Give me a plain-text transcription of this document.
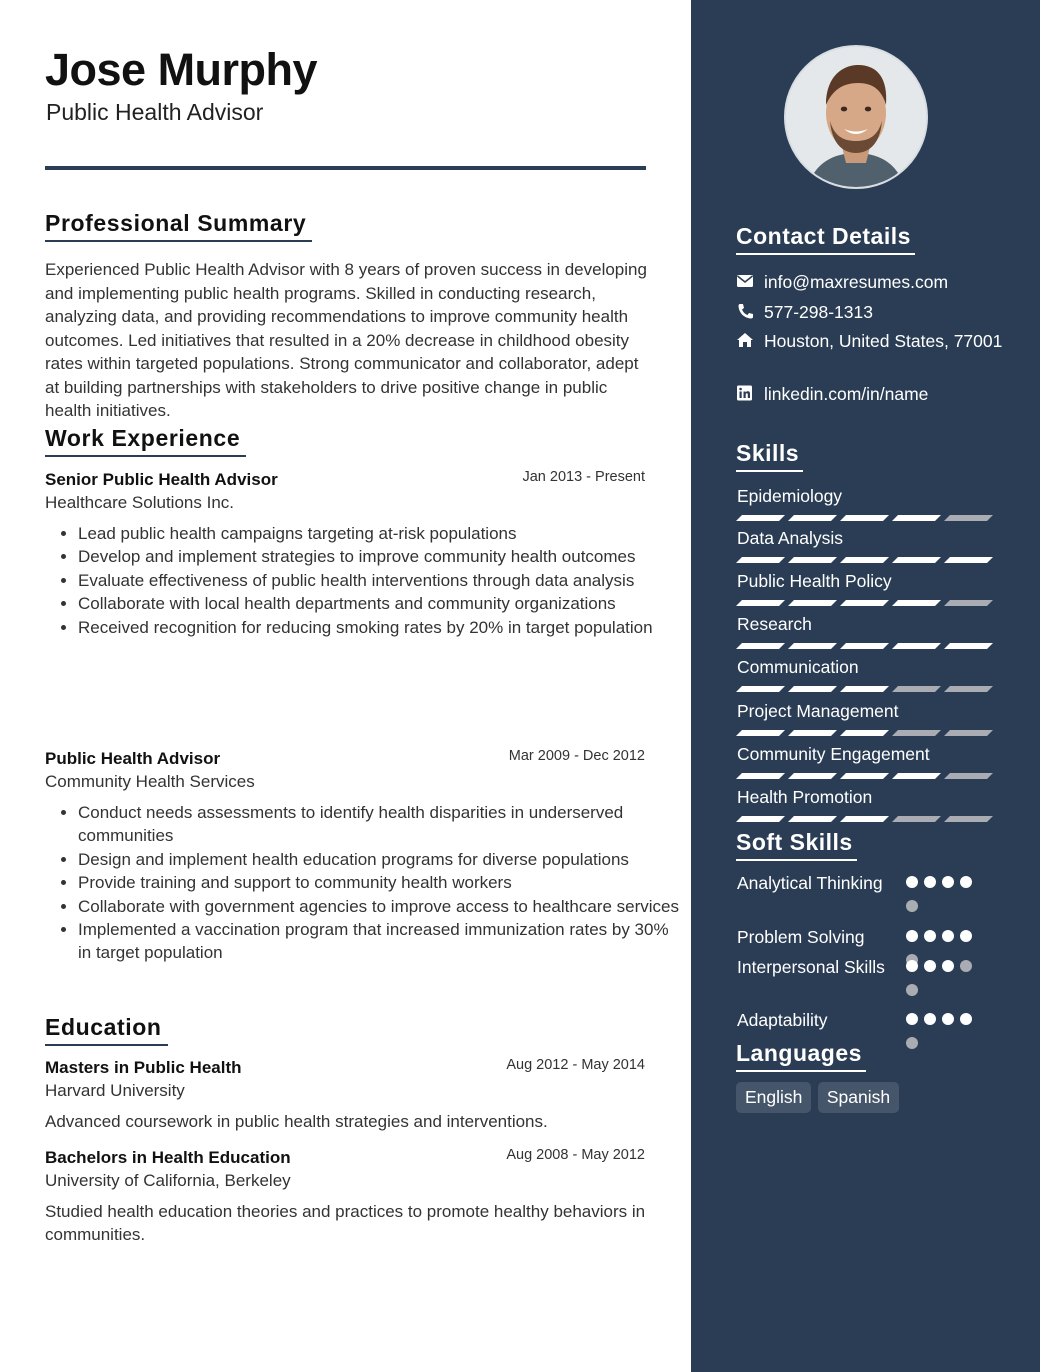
Jose Murphy
Public Health Advisor
Professional Summary

Experienced Public Health Advisor with 8 years of proven success in developing and implementing public health programs. Skilled in conducting research, analyzing data, and providing recommendations to improve community health outcomes. Led initiatives that resulted in a 20% decrease in childhood obesity rates within targeted populations. Strong communicator and collaborator, adept at building partnerships with stakeholders to drive positive change in public health initiatives.

Work Experience
Senior Public Health Advisor	Jan 2013 - Present
Healthcare Solutions Inc.
• Lead public health campaigns targeting at-risk populations
• Develop and implement strategies to improve community health outcomes
• Evaluate effectiveness of public health interventions through data analysis
• Collaborate with local health departments and community organizations
• Received recognition for reducing smoking rates by 20% in target population
Public Health Advisor	Mar 2009 - Dec 2012
Community Health Services
• Conduct needs assessments to identify health disparities in underserved communities
• Design and implement health education programs for diverse populations
• Provide training and support to community health workers
• Collaborate with government agencies to improve access to healthcare services
• Implemented a vaccination program that increased immunization rates by 30% in target population
Education
Masters in Public Health	Aug 2012 - May 2014
Harvard University

Advanced coursework in public health strategies and interventions.

Bachelors in Health Education	Aug 2008 - May 2012
University of California, Berkeley

Studied health education theories and practices to promote healthy behaviors in communities.

Contact Details
info@maxresumes.com
577-298-1313
Houston, United States, 77001
linkedin.com/in/name
Skills
Epidemiology
Data Analysis
Public Health Policy
Research
Communication
Project Management
Community Engagement
Health Promotion
Soft Skills
Analytical Thinking
Problem Solving
Interpersonal Skills
Adaptability
Languages
English Spanish
